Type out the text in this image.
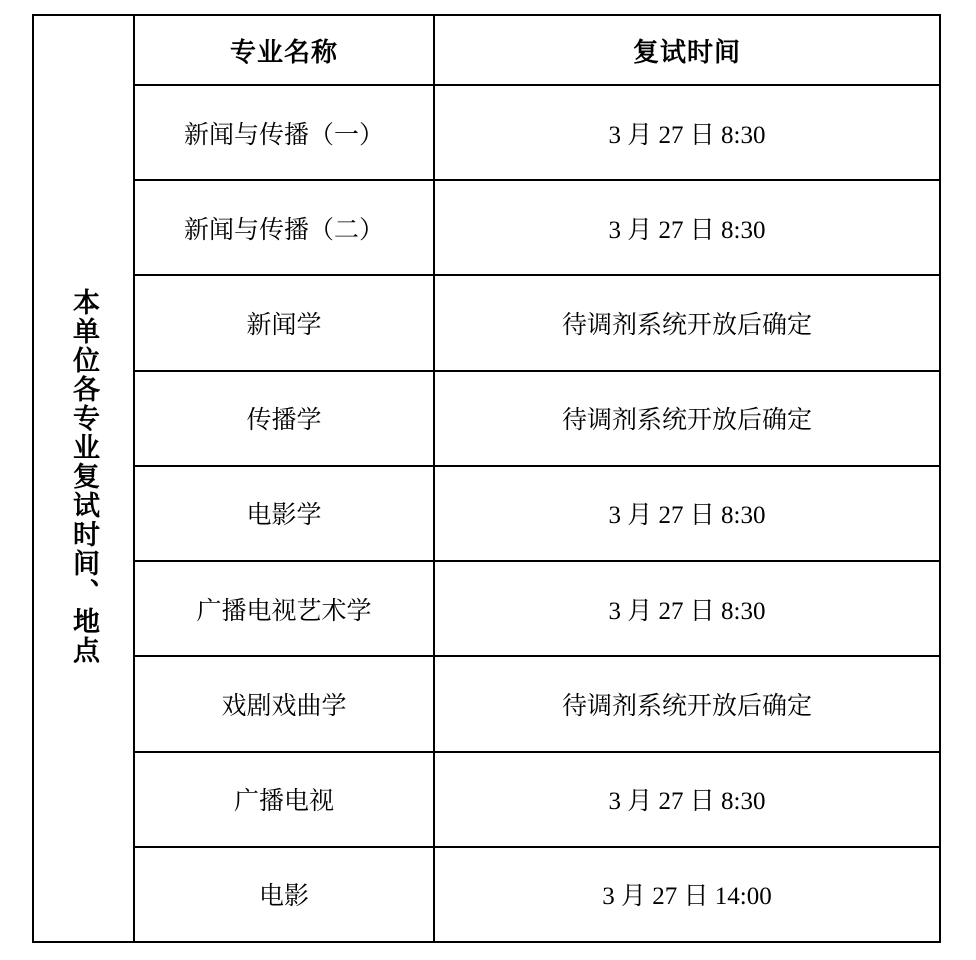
本单位各专业复试时间、地点	专业名称	复试时间
	新闻与传播（一）	3 月 27 日 8:30
	新闻与传播（二）	3 月 27 日 8:30
	新闻学	待调剂系统开放后确定
	传播学	待调剂系统开放后确定
	电影学	3 月 27 日 8:30
	广播电视艺术学	3 月 27 日 8:30
	戏剧戏曲学	待调剂系统开放后确定
	广播电视	3 月 27 日 8:30
	电影	3 月 27 日 14:00
